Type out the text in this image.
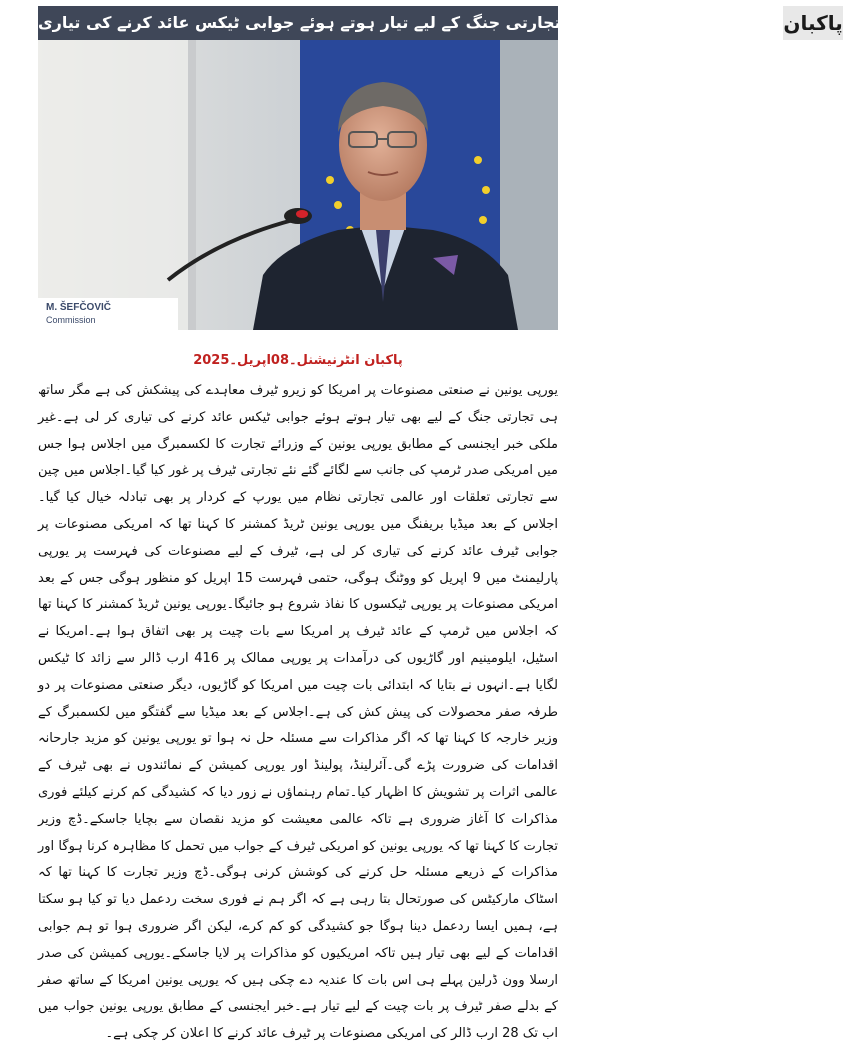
یورپی یونین کی امریکا کو تجارتی جنگ کے لیے تیار ہوتے ہوئے جوابی ٹیکس عائد کرنے کی تیاری پاکبان
M. ŠEFČOVIČ
Commission
پاکبان انٹرنیشنل۔08اپریل۔2025
یورپی یونین نے صنعتی مصنوعات پر امریکا کو زیرو ٹیرف معاہدے کی پیشکش کی ہے مگر ساتھ ہی تجارتی جنگ کے لیے بھی تیار ہوتے ہوئے جوابی ٹیکس عائد کرنے کی تیاری کر لی ہے۔غیر ملکی خبر ایجنسی کے مطابق یورپی یونین کے وزرائے تجارت کا لکسمبرگ میں اجلاس ہوا جس میں امریکی صدر ٹرمپ کی جانب سے لگائے گئے نئے تجارتی ٹیرف پر غور کیا گیا۔اجلاس میں چین سے تجارتی تعلقات اور عالمی تجارتی نظام میں یورپ کے کردار پر بھی تبادلہ خیال کیا گیا۔اجلاس کے بعد میڈیا بریفنگ میں یورپی یونین ٹریڈ کمشنر کا کہنا تھا کہ امریکی مصنوعات پر جوابی ٹیرف عائد کرنے کی تیاری کر لی ہے، ٹیرف کے لیے مصنوعات کی فہرست پر یورپی پارلیمنٹ میں 9 اپریل کو ووٹنگ ہوگی، حتمی فہرست 15 اپریل کو منظور ہوگی جس کے بعد امریکی مصنوعات پر یورپی ٹیکسوں کا نفاذ شروع ہو جائیگا۔یورپی یونین ٹریڈ کمشنر کا کہنا تھا کہ اجلاس میں ٹرمپ کے عائد ٹیرف پر امریکا سے بات چیت پر بھی اتفاق ہوا ہے۔امریکا نے اسٹیل، ایلومینیم اور گاڑیوں کی درآمدات پر یورپی ممالک پر 416 ارب ڈالر سے زائد کا ٹیکس لگایا ہے۔انہوں نے بتایا کہ ابتدائی بات چیت میں امریکا کو گاڑیوں، دیگر صنعتی مصنوعات پر دو طرفہ صفر محصولات کی پیش کش کی ہے۔اجلاس کے بعد میڈیا سے گفتگو میں لکسمبرگ کے وزیر خارجہ کا کہنا تھا کہ اگر مذاکرات سے مسئلہ حل نہ ہوا تو یورپی یونین کو مزید جارحانہ اقدامات کی ضرورت پڑے گی۔آئرلینڈ، پولینڈ اور یورپی کمیشن کے نمائندوں نے بھی ٹیرف کے عالمی اثرات پر تشویش کا اظہار کیا۔تمام رہنماؤں نے زور دیا کہ کشیدگی کم کرنے کیلئے فوری مذاکرات کا آغاز ضروری ہے تاکہ عالمی معیشت کو مزید نقصان سے بچایا جاسکے۔ڈچ وزیر تجارت کا کہنا تھا کہ یورپی یونین کو امریکی ٹیرف کے جواب میں تحمل کا مظاہرہ کرنا ہوگا اور مذاکرات کے ذریعے مسئلہ حل کرنے کی کوشش کرنی ہوگی۔ڈچ وزیر تجارت کا کہنا تھا کہ اسٹاک مارکیٹس کی صورتحال بتا رہی ہے کہ اگر ہم نے فوری سخت ردعمل دیا تو کیا ہو سکتا ہے، ہمیں ایسا ردعمل دینا ہوگا جو کشیدگی کو کم کرے، لیکن اگر ضروری ہوا تو ہم جوابی اقدامات کے لیے بھی تیار ہیں تاکہ امریکیوں کو مذاکرات پر لایا جاسکے۔یورپی کمیشن کی صدر ارسلا وون ڈرلین پہلے ہی اس بات کا عندیہ دے چکی ہیں کہ یورپی یونین امریکا کے ساتھ صفر کے بدلے صفر ٹیرف پر بات چیت کے لیے تیار ہے۔خبر ایجنسی کے مطابق یورپی یونین جواب میں اب تک 28 ارب ڈالر کی امریکی مصنوعات پر ٹیرف عائد کرنے کا اعلان کر چکی ہے۔
